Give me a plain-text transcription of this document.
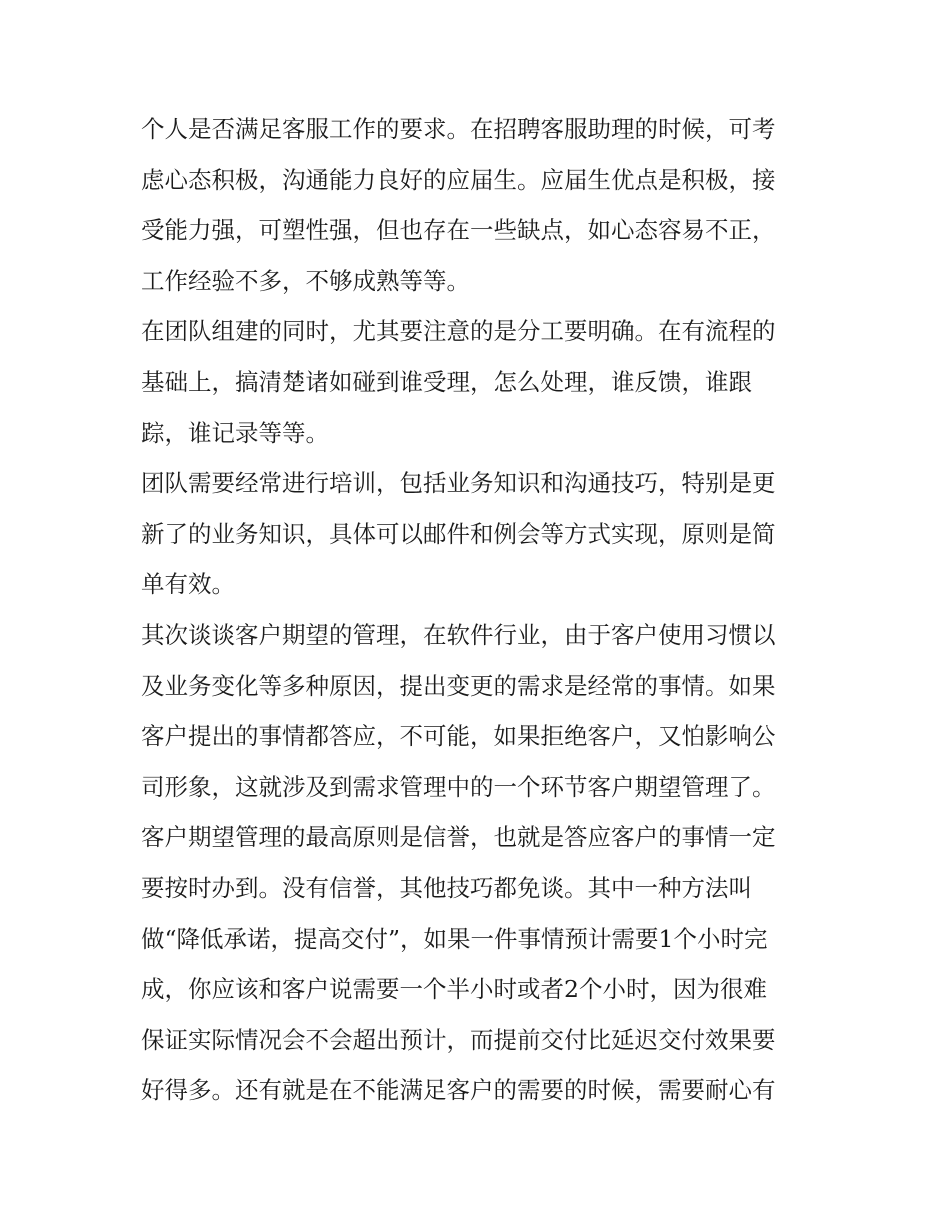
个人是否满足客服工作的要求。在招聘客服助理的时候，可考
虑心态积极，沟通能力良好的应届生。应届生优点是积极，接
受能力强，可塑性强，但也存在一些缺点，如心态容易不正，
工作经验不多，不够成熟等等。
在团队组建的同时，尤其要注意的是分工要明确。在有流程的
基础上，搞清楚诸如碰到谁受理，怎么处理，谁反馈，谁跟
踪，谁记录等等。
团队需要经常进行培训，包括业务知识和沟通技巧，特别是更
新了的业务知识，具体可以邮件和例会等方式实现，原则是简
单有效。
其次谈谈客户期望的管理，在软件行业，由于客户使用习惯以
及业务变化等多种原因，提出变更的需求是经常的事情。如果
客户提出的事情都答应，不可能，如果拒绝客户，又怕影响公
司形象，这就涉及到需求管理中的一个环节客户期望管理了。
客户期望管理的最高原则是信誉，也就是答应客户的事情一定
要按时办到。没有信誉，其他技巧都免谈。其中一种方法叫
做“降低承诺，提高交付”，如果一件事情预计需要1个小时完
成，你应该和客户说需要一个半小时或者2个小时，因为很难
保证实际情况会不会超出预计，而提前交付比延迟交付效果要
好得多。还有就是在不能满足客户的需要的时候，需要耐心有
